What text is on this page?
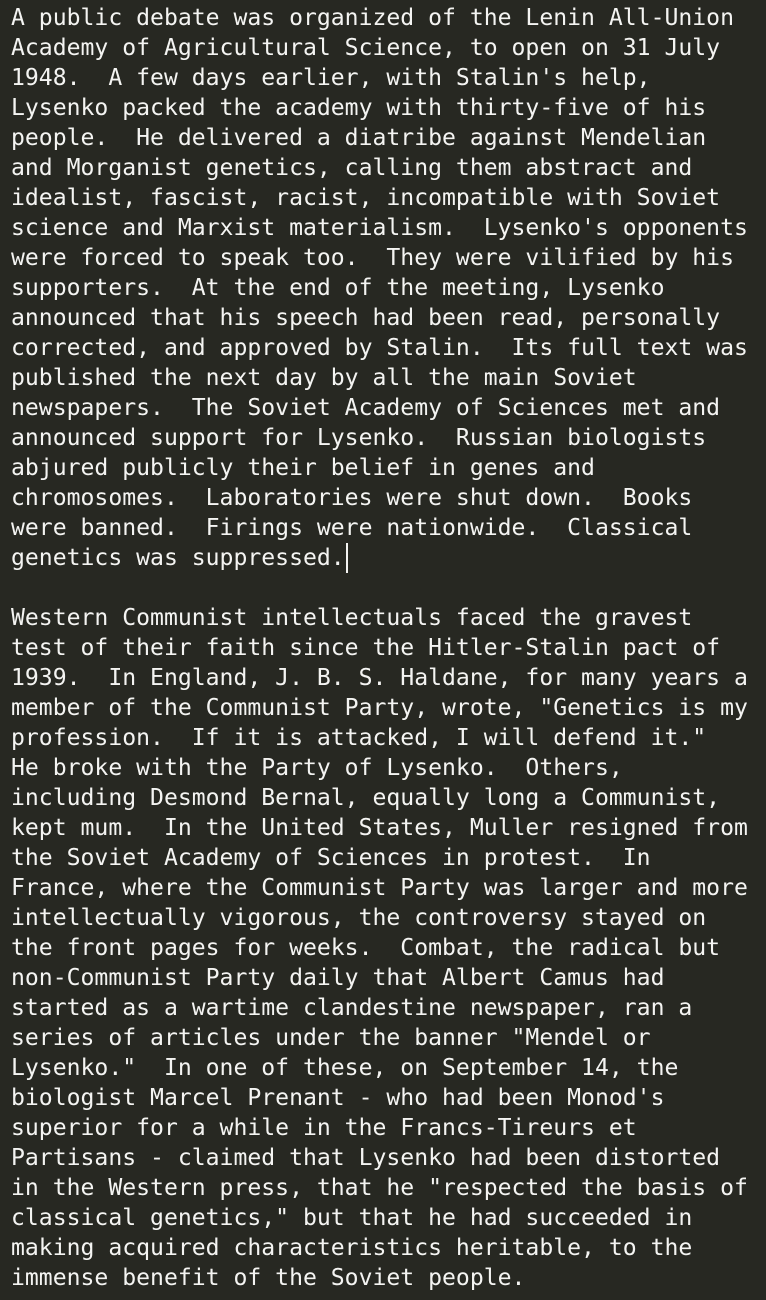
A public debate was organized of the Lenin All-Union
Academy of Agricultural Science, to open on 31 July
1948.  A few days earlier, with Stalin's help,
Lysenko packed the academy with thirty-five of his
people.  He delivered a diatribe against Mendelian
and Morganist genetics, calling them abstract and
idealist, fascist, racist, incompatible with Soviet
science and Marxist materialism.  Lysenko's opponents
were forced to speak too.  They were vilified by his
supporters.  At the end of the meeting, Lysenko
announced that his speech had been read, personally
corrected, and approved by Stalin.  Its full text was
published the next day by all the main Soviet
newspapers.  The Soviet Academy of Sciences met and
announced support for Lysenko.  Russian biologists
abjured publicly their belief in genes and
chromosomes.  Laboratories were shut down.  Books
were banned.  Firings were nationwide.  Classical
genetics was suppressed.
Western Communist intellectuals faced the gravest
test of their faith since the Hitler-Stalin pact of
1939.  In England, J. B. S. Haldane, for many years a
member of the Communist Party, wrote, "Genetics is my
profession.  If it is attacked, I will defend it."
He broke with the Party of Lysenko.  Others,
including Desmond Bernal, equally long a Communist,
kept mum.  In the United States, Muller resigned from
the Soviet Academy of Sciences in protest.  In
France, where the Communist Party was larger and more
intellectually vigorous, the controversy stayed on
the front pages for weeks.  Combat, the radical but
non-Communist Party daily that Albert Camus had
started as a wartime clandestine newspaper, ran a
series of articles under the banner "Mendel or
Lysenko."  In one of these, on September 14, the
biologist Marcel Prenant - who had been Monod's
superior for a while in the Francs-Tireurs et
Partisans - claimed that Lysenko had been distorted
in the Western press, that he "respected the basis of
classical genetics," but that he had succeeded in
making acquired characteristics heritable, to the
immense benefit of the Soviet people.
